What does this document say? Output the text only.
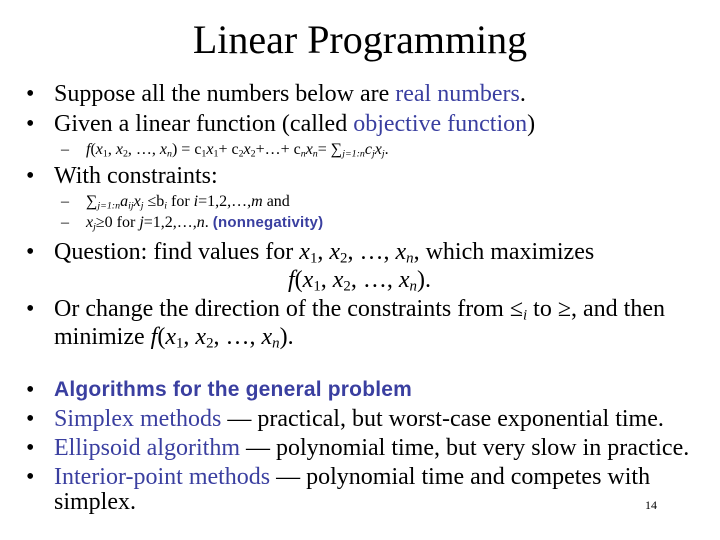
Linear Programming
• Suppose all the numbers below are real numbers.
• Given a linear function (called objective function)
– $f(x_1$, $x_2$, …, $x_n) = c_1x_1+$ $c_2x_2+\dots+ c_nx_n= \sum_{j=1:n}c_jx_j$.
• With constraints:
– $\sum_{j=1:n}a_{ij}x_j \le b_i$ for i=1,2,…,m and
– $x_j\ge 0$ for j=1,2,…,n. (nonnegativity)
• Question: find values for $x_1$, $x_2$, …, $x_n$, which maximizes
$f(x_1$, $x_2$, …, $x_n$).
• Or change the direction of the constraints from $\le_i$ to ≥, and then
minimize $f(x_1$, $x_2$, …, $x_n$).
• Algorithms for the general problem
• Simplex methods — practical, but worst-case exponential time.
• Ellipsoid algorithm — polynomial time, but very slow in practice.
• Interior-point methods — polynomial time and competes with
simplex.	14
